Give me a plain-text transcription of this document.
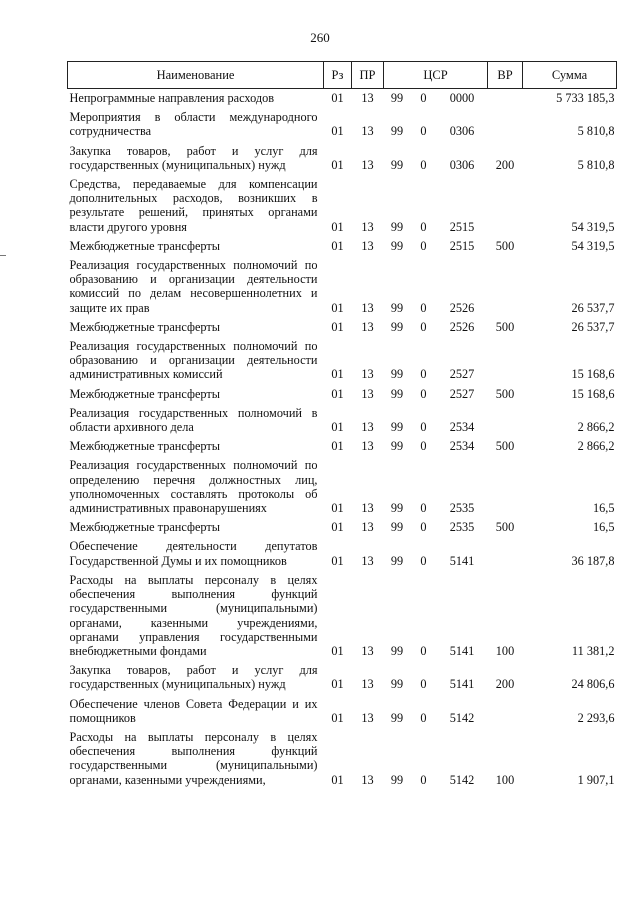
260
Наименование	Рз	ПР	ЦСР			ВР	Сумма
Непрограммные направления расходов	01	13	99	0	0000		5 733 185,3
Мероприятия в области международного сотрудничества	01	13	99	0	0306		5 810,8
Закупка товаров, работ и услуг для государственных (муниципальных) нужд	01	13	99	0	0306	200	5 810,8
Средства, передаваемые для компенсации дополнительных расходов, возникших в результате решений, принятых органами власти другого уровня	01	13	99	0	2515		54 319,5
Межбюджетные трансферты	01	13	99	0	2515	500	54 319,5
Реализация государственных полномочий по образованию и организации деятельности комиссий по делам несовершеннолетних и защите их прав	01	13	99	0	2526		26 537,7
Межбюджетные трансферты	01	13	99	0	2526	500	26 537,7
Реализация государственных полномочий по образованию и организации деятельности административных комиссий	01	13	99	0	2527		15 168,6
Межбюджетные трансферты	01	13	99	0	2527	500	15 168,6
Реализация государственных полномочий в области архивного дела	01	13	99	0	2534		2 866,2
Межбюджетные трансферты	01	13	99	0	2534	500	2 866,2
Реализация государственных полномочий по определению перечня должностных лиц, уполномоченных составлять протоколы об административных правонарушениях	01	13	99	0	2535		16,5
Межбюджетные трансферты	01	13	99	0	2535	500	16,5
Обеспечение деятельности депутатов Государственной Думы и их помощников	01	13	99	0	5141		36 187,8
Расходы на выплаты персоналу в целях обеспечения выполнения функций государственными (муниципальными) органами, казенными учреждениями, органами управления государственными внебюджетными фондами	01	13	99	0	5141	100	11 381,2
Закупка товаров, работ и услуг для государственных (муниципальных) нужд	01	13	99	0	5141	200	24 806,6
Обеспечение членов Совета Федерации и их помощников	01	13	99	0	5142		2 293,6
Расходы на выплаты персоналу в целях обеспечения выполнения функций государственными (муниципальными) органами, казенными учреждениями,	01	13	99	0	5142	100	1 907,1
